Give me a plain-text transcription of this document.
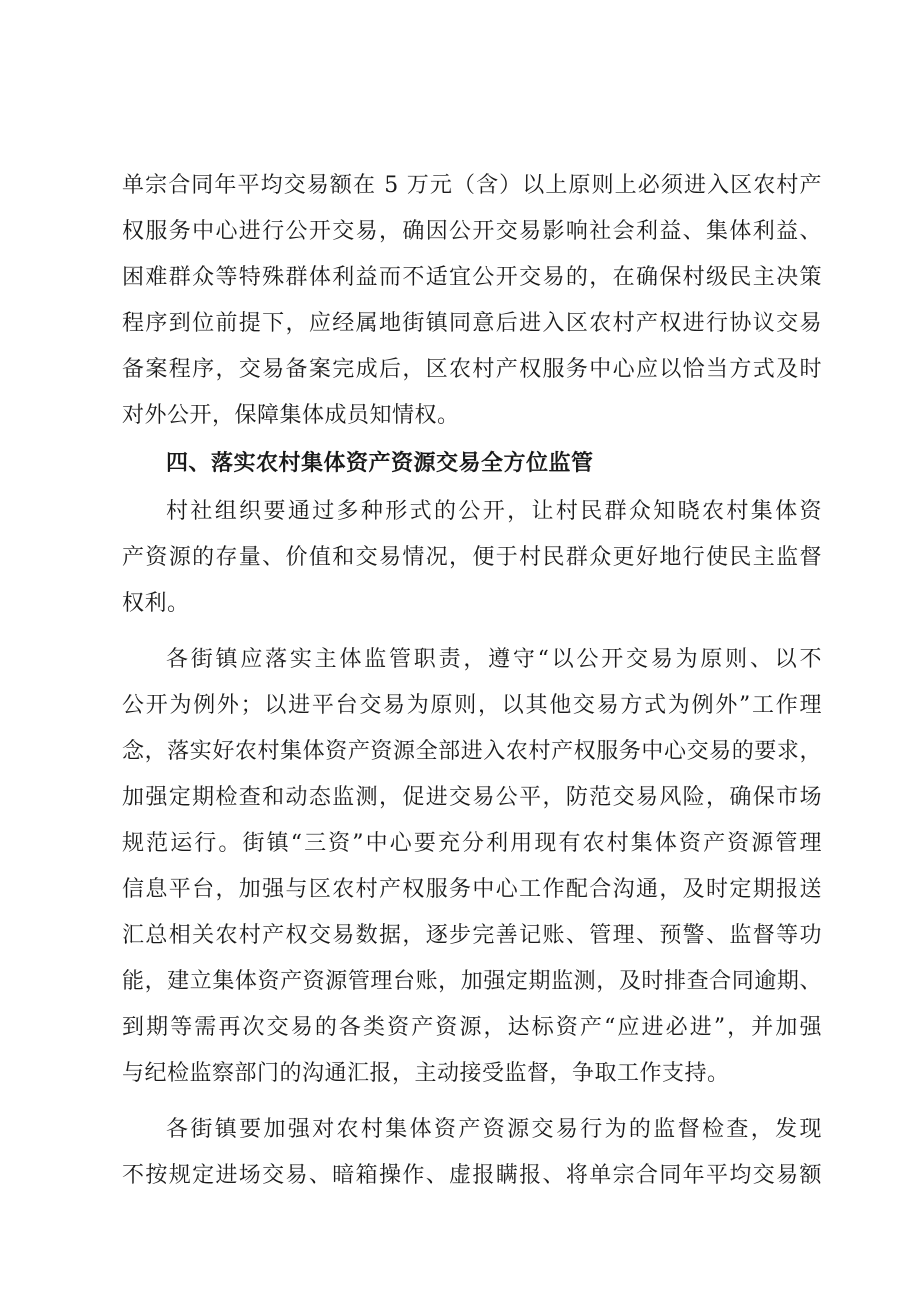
单宗合同年平均交易额在 5 万元（含）以上原则上必须进入区农村产
权服务中心进行公开交易，确因公开交易影响社会利益、集体利益、
困难群众等特殊群体利益而不适宜公开交易的，在确保村级民主决策
程序到位前提下，应经属地街镇同意后进入区农村产权进行协议交易
备案程序，交易备案完成后，区农村产权服务中心应以恰当方式及时
对外公开，保障集体成员知情权。
四、落实农村集体资产资源交易全方位监管
村社组织要通过多种形式的公开，让村民群众知晓农村集体资
产资源的存量、价值和交易情况，便于村民群众更好地行使民主监督
权利。
各街镇应落实主体监管职责，遵守“以公开交易为原则、以不
公开为例外；以进平台交易为原则，以其他交易方式为例外”工作理
念，落实好农村集体资产资源全部进入农村产权服务中心交易的要求，
加强定期检查和动态监测，促进交易公平，防范交易风险，确保市场
规范运行。街镇“三资”中心要充分利用现有农村集体资产资源管理
信息平台，加强与区农村产权服务中心工作配合沟通，及时定期报送
汇总相关农村产权交易数据，逐步完善记账、管理、预警、监督等功
能，建立集体资产资源管理台账，加强定期监测，及时排查合同逾期、
到期等需再次交易的各类资产资源，达标资产“应进必进”，并加强
与纪检监察部门的沟通汇报，主动接受监督，争取工作支持。
各街镇要加强对农村集体资产资源交易行为的监督检查，发现
不按规定进场交易、暗箱操作、虚报瞒报、将单宗合同年平均交易额
